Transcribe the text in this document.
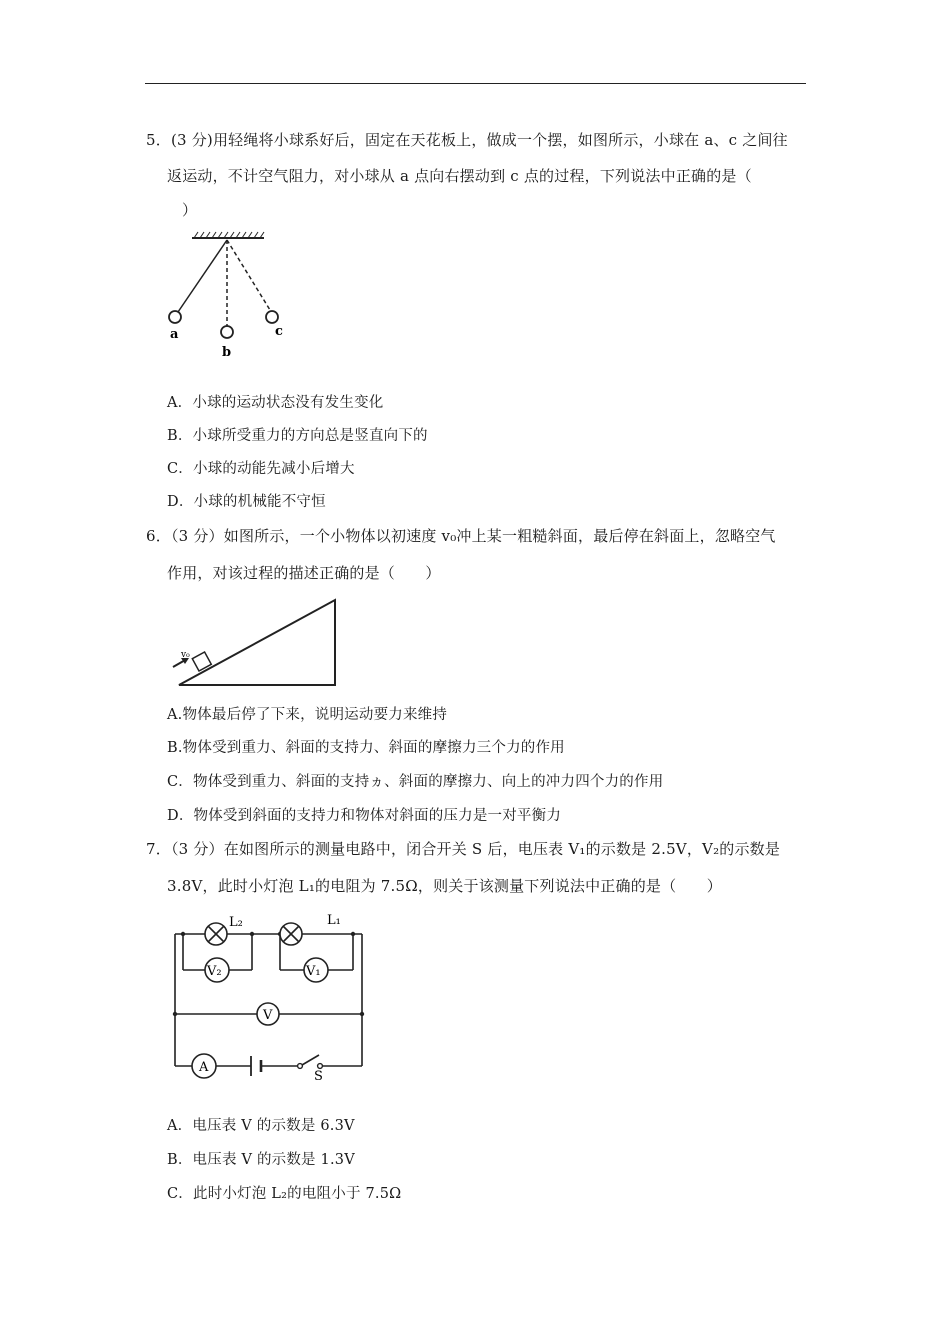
5．(3 分)用轻绳将小球系好后，固定在天花板上，做成一个摆，如图所示，小球在 a、c 之间往
返运动，不计空气阻力，对小球从 a 点向右摆动到 c 点的过程，下列说法中正确的是（
）
a
b
c
A．小球的运动状态没有发生变化
B．小球所受重力的方向总是竖直向下的
C．小球的动能先减小后增大
D．小球的机械能不守恒
6．（3 分）如图所示，一个小物体以初速度 v₀冲上某一粗糙斜面，最后停在斜面上，忽略空气
作用，对该过程的描述正确的是（　　）
v₀
A.物体最后停了下来，说明运动要力来维持
B.物体受到重力、斜面的支持力、斜面的摩擦力三个力的作用
C．物体受到重力、斜面的支持ヵ、斜面的摩擦力、向上的冲力四个力的作用
D．物体受到斜面的支持力和物体对斜面的压力是一对平衡力
7．（3 分）在如图所示的测量电路中，闭合开关 S 后，电压表 V₁的示数是 2.5V，V₂的示数是
3.8V，此时小灯泡 L₁的电阻为 7.5Ω，则关于该测量下列说法中正确的是（　　）
L₂	L₁
V₂	V₁
V
A
S
A．电压表 V 的示数是 6.3V
B．电压表 V 的示数是 1.3V
C．此时小灯泡 L₂的电阻小于 7.5Ω
